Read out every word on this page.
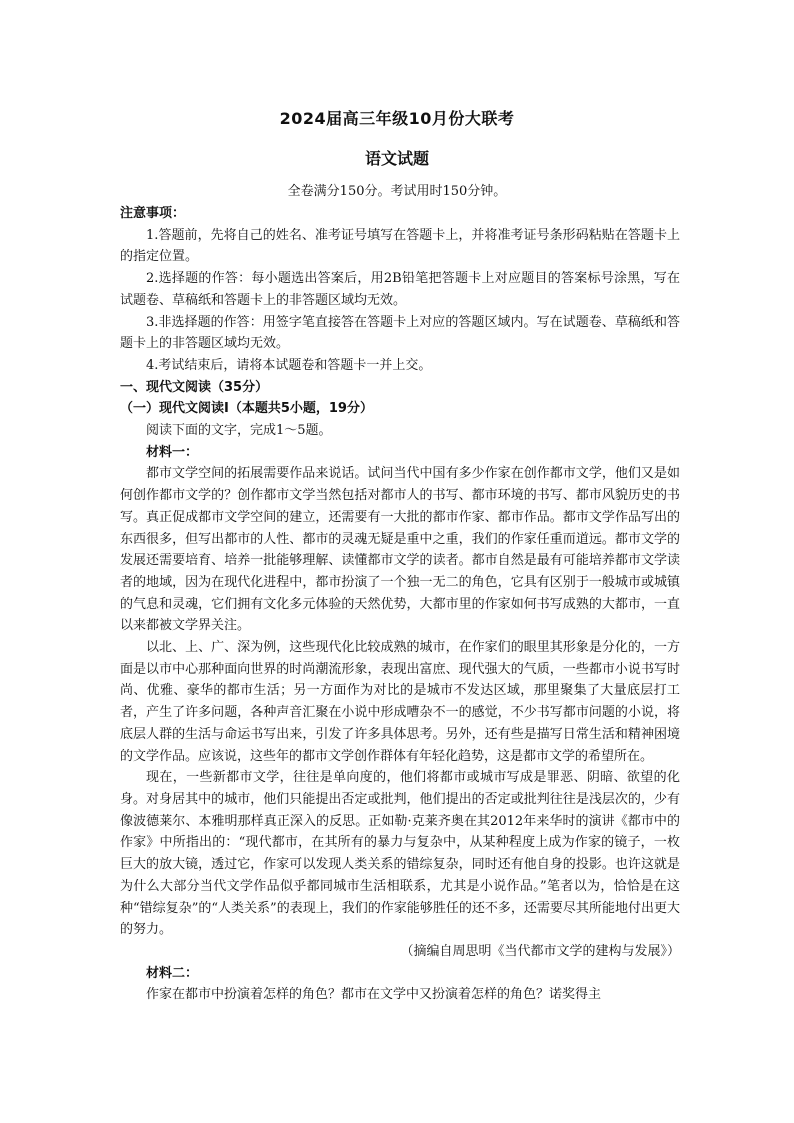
2024届高三年级10月份大联考
语文试题
全卷满分150分。考试用时150分钟。

注意事项：

1.答题前，先将自己的姓名、准考证号填写在答题卡上，并将准考证号条形码粘贴在答题卡上的指定位置。

2.选择题的作答：每小题选出答案后，用2B铅笔把答题卡上对应题目的答案标号涂黑，写在试题卷、草稿纸和答题卡上的非答题区域均无效。

3.非选择题的作答：用签字笔直接答在答题卡上对应的答题区域内。写在试题卷、草稿纸和答题卡上的非答题区域均无效。

4.考试结束后，请将本试题卷和答题卡一并上交。

一、现代文阅读（35分）

（一）现代文阅读Ⅰ（本题共5小题，19分）

阅读下面的文字，完成1～5题。

材料一：

都市文学空间的拓展需要作品来说话。试问当代中国有多少作家在创作都市文学，他们又是如何创作都市文学的？创作都市文学当然包括对都市人的书写、都市环境的书写、都市风貌历史的书写。真正促成都市文学空间的建立，还需要有一大批的都市作家、都市作品。都市文学作品写出的东西很多，但写出都市的人性、都市的灵魂无疑是重中之重，我们的作家任重而道远。都市文学的发展还需要培育、培养一批能够理解、读懂都市文学的读者。都市自然是最有可能培养都市文学读者的地域，因为在现代化进程中，都市扮演了一个独一无二的角色，它具有区别于一般城市或城镇的气息和灵魂，它们拥有文化多元体验的天然优势，大都市里的作家如何书写成熟的大都市，一直以来都被文学界关注。

以北、上、广、深为例，这些现代化比较成熟的城市，在作家们的眼里其形象是分化的，一方面是以市中心那种面向世界的时尚潮流形象，表现出富庶、现代强大的气质，一些都市小说书写时尚、优雅、豪华的都市生活；另一方面作为对比的是城市不发达区域，那里聚集了大量底层打工者，产生了许多问题，各种声音汇聚在小说中形成嘈杂不一的感觉，不少书写都市问题的小说，将底层人群的生活与命运书写出来，引发了许多具体思考。另外，还有些是描写日常生活和精神困境的文学作品。应该说，这些年的都市文学创作群体有年轻化趋势，这是都市文学的希望所在。

现在，一些新都市文学，往往是单向度的，他们将都市或城市写成是罪恶、阴暗、欲望的化身。对身居其中的城市，他们只能提出否定或批判，他们提出的否定或批判往往是浅层次的，少有像波德莱尔、本雅明那样真正深入的反思。正如勒·克莱齐奥在其2012年来华时的演讲《都市中的作家》中所指出的：“现代都市，在其所有的暴力与复杂中，从某种程度上成为作家的镜子，一枚巨大的放大镜，透过它，作家可以发现人类关系的错综复杂，同时还有他自身的投影。也许这就是为什么大部分当代文学作品似乎都同城市生活相联系，尤其是小说作品。”笔者以为，恰恰是在这种“错综复杂”的“人类关系”的表现上，我们的作家能够胜任的还不多，还需要尽其所能地付出更大的努力。

（摘编自周思明《当代都市文学的建构与发展》）

材料二：

作家在都市中扮演着怎样的角色？都市在文学中又扮演着怎样的角色？诺奖得主
